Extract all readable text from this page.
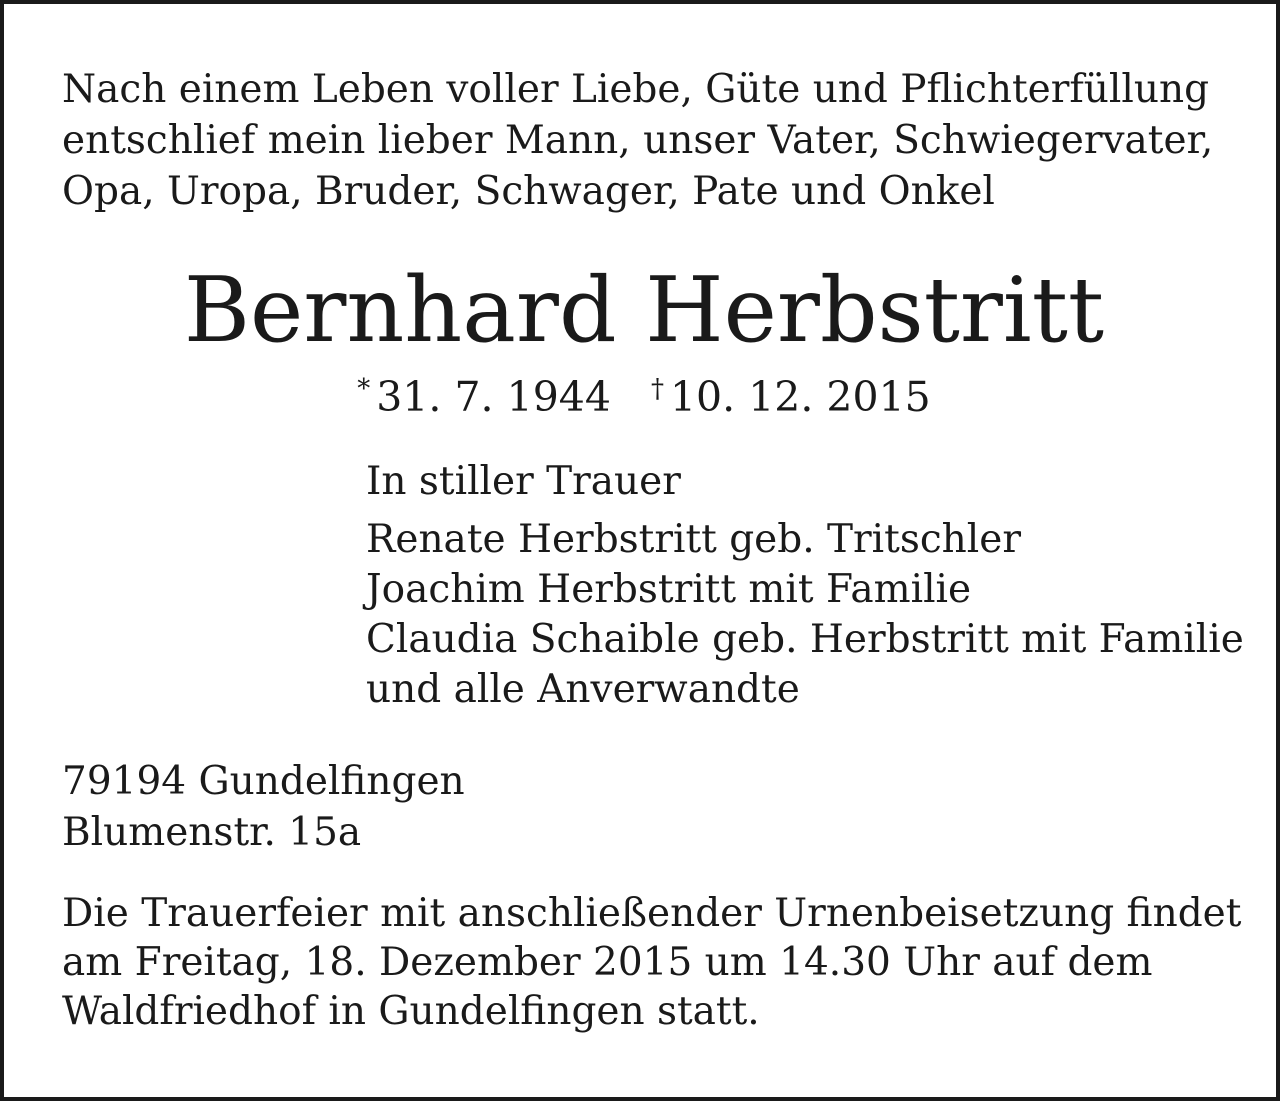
Nach einem Leben voller Liebe, Güte und Pflichterfüllung
entschlief mein lieber Mann, unser Vater, Schwiegervater,
Opa, Uropa, Bruder, Schwager, Pate und Onkel
Bernhard Herbstritt
* 31. 7. 1944 † 10. 12. 2015
In stiller Trauer
Renate Herbstritt geb. Tritschler
Joachim Herbstritt mit Familie
Claudia Schaible geb. Herbstritt mit Familie
und alle Anverwandte
79194 Gundelfingen
Blumenstr. 15a
Die Trauerfeier mit anschließender Urnenbeisetzung findet
am Freitag, 18. Dezember 2015 um 14.30 Uhr auf dem
Waldfriedhof in Gundelfingen statt.
